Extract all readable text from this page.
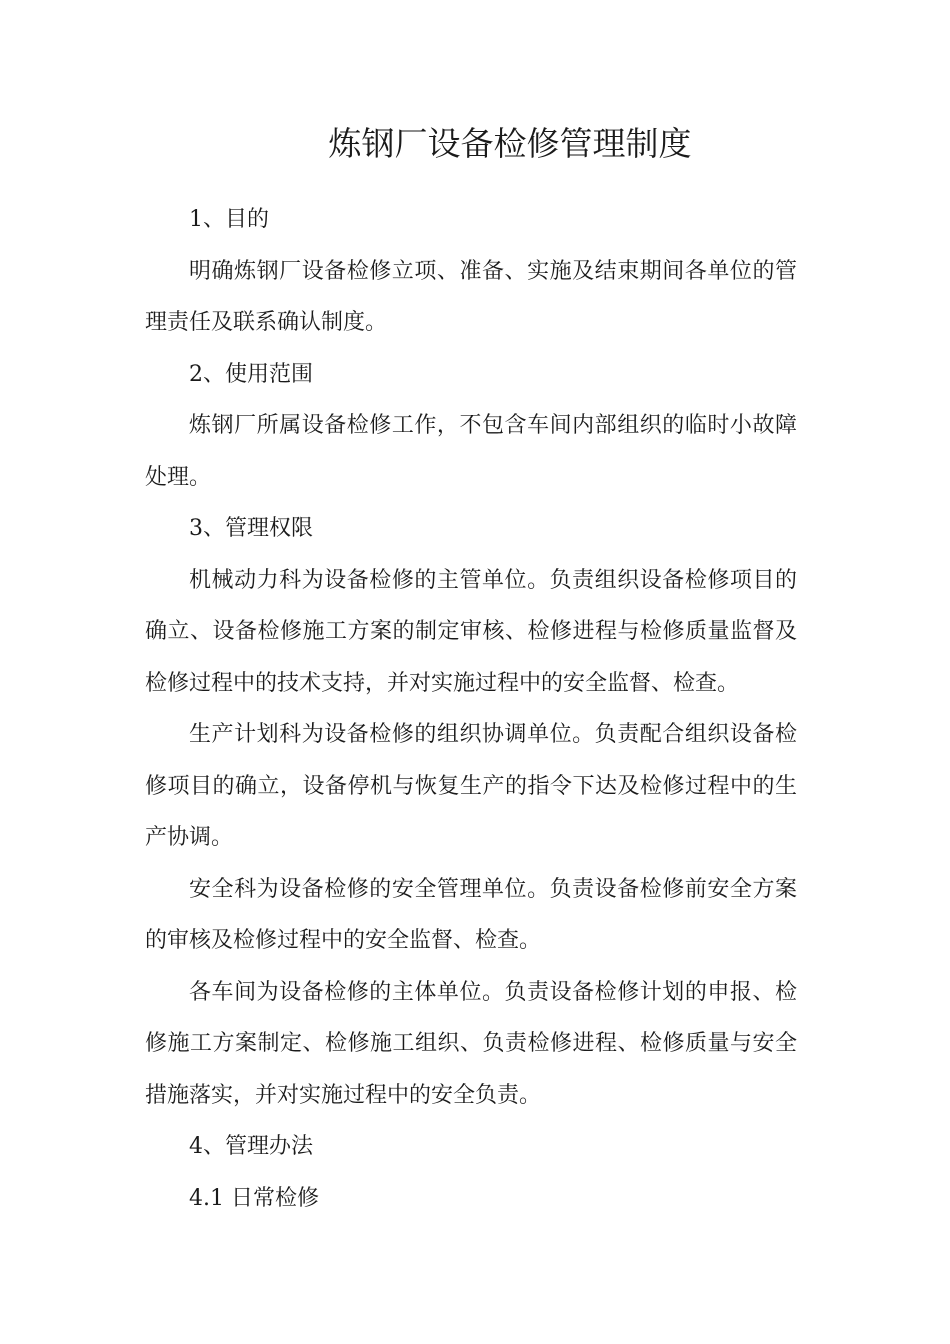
炼钢厂设备检修管理制度

1、目的

明确炼钢厂设备检修立项、准备、实施及结束期间各单位的管理责任及联系确认制度。

2、使用范围

炼钢厂所属设备检修工作，不包含车间内部组织的临时小故障处理。

3、管理权限

机械动力科为设备检修的主管单位。负责组织设备检修项目的确立、设备检修施工方案的制定审核、检修进程与检修质量监督及检修过程中的技术支持，并对实施过程中的安全监督、检查。

生产计划科为设备检修的组织协调单位。负责配合组织设备检修项目的确立，设备停机与恢复生产的指令下达及检修过程中的生产协调。

安全科为设备检修的安全管理单位。负责设备检修前安全方案的审核及检修过程中的安全监督、检查。

各车间为设备检修的主体单位。负责设备检修计划的申报、检修施工方案制定、检修施工组织、负责检修进程、检修质量与安全措施落实，并对实施过程中的安全负责。

4、管理办法

4.1 日常检修
